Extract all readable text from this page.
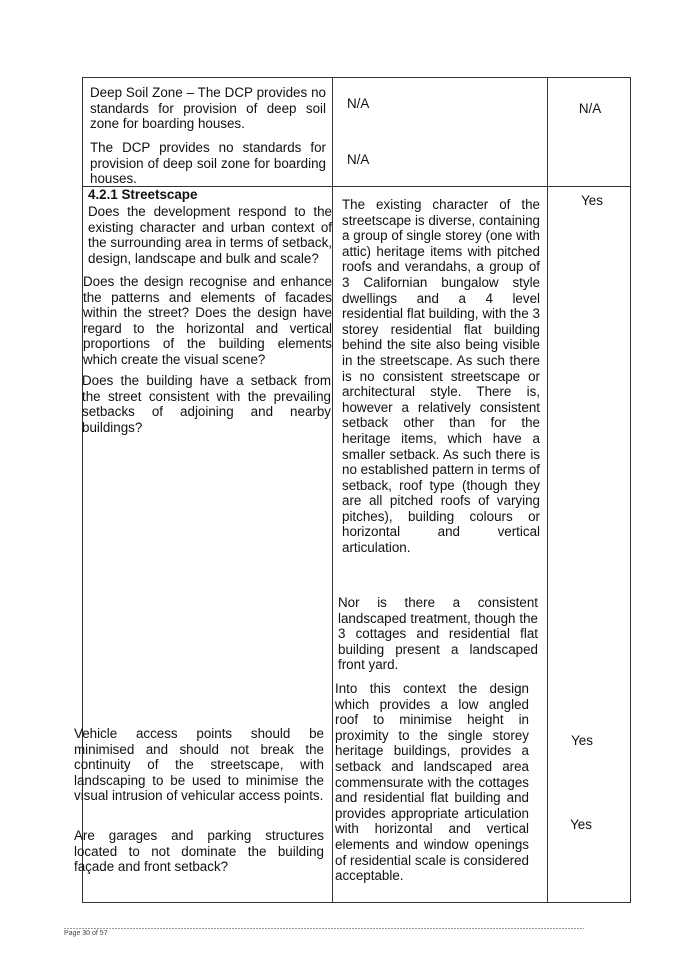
Deep Soil Zone – The DCP provides no standards for provision of deep soil zone for boarding houses.
N/A	N/A
The DCP provides no standards for provision of deep soil zone for boarding houses.
N/A
4.2.1 Streetscape
Does the development respond to the existing character and urban context of the surrounding area in terms of setback, design, landscape and bulk and scale?
Does the design recognise and enhance the patterns and elements of facades within the street? Does the design have regard to the horizontal and vertical proportions of the building elements which create the visual scene?
Does the building have a setback from the street consistent with the prevailing setbacks of adjoining and nearby buildings?
Vehicle access points should be minimised and should not break the continuity of the streetscape, with landscaping to be used to minimise the visual intrusion of vehicular access points.
Are garages and parking structures located to not dominate the building façade and front setback?
The existing character of the streetscape is diverse, containing a group of single storey (one with attic) heritage items with pitched roofs and verandahs, a group of 3 Californian bungalow style dwellings and a 4 level residential flat building, with the 3 storey residential flat building behind the site also being visible in the streetscape. As such there is no consistent streetscape or architectural style. There is, however a relatively consistent setback other than for the heritage items, which have a smaller setback. As such there is no established pattern in terms of setback, roof type (though they are all pitched roofs of varying pitches), building colours or horizontal and vertical articulation.
Nor is there a consistent landscaped treatment, though the 3 cottages and residential flat building present a landscaped front yard.
Into this context the design which provides a low angled roof to minimise height in proximity to the single storey heritage buildings, provides a setback and landscaped area commensurate with the cottages and residential flat building and provides appropriate articulation with horizontal and vertical elements and window openings of residential scale is considered acceptable.
Yes
Yes
Yes
Page 30 of 57
